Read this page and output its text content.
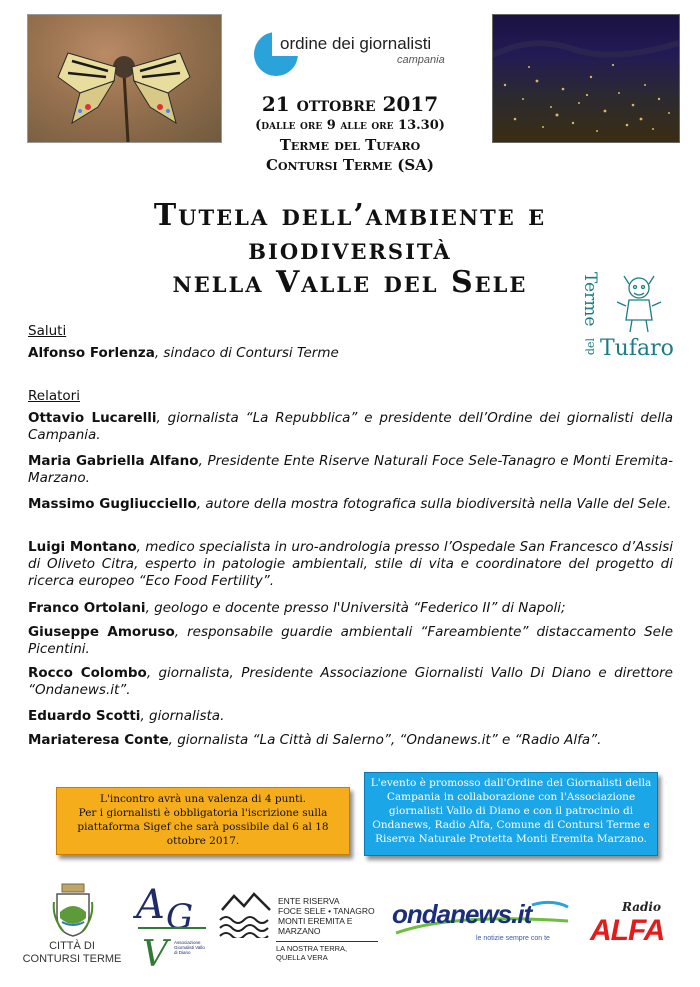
ordine dei giornalisti
campania
21 ottobre 2017
(dalle ore 9 alle ore 13.30)
Terme del Tufaro
Contursi Terme (SA)
Tutela dell’ambiente e
biodiversità
nella Valle del Sele	Terme
del Tufaro
Saluti
Alfonso Forlenza, sindaco di Contursi Terme
Relatori
Ottavio Lucarelli, giornalista “La Repubblica” e presidente dell’Ordine dei giornalisti della Campania.
Maria Gabriella Alfano, Presidente Ente Riserve Naturali Foce Sele-Tanagro e Monti Eremita-Marzano.
Massimo Gugliucciello, autore della mostra fotografica sulla biodiversità nella Valle del Sele.
Luigi Montano, medico specialista in uro-andrologia presso l’Ospedale San Francesco d’Assisi di Oliveto Citra, esperto in patologie ambientali, stile di vita e coordinatore del progetto di ricerca europeo “Eco Food Fertility”.
Franco Ortolani, geologo e docente presso l'Università “Federico II” di Napoli;
Giuseppe Amoruso, responsabile guardie ambientali “Fareambiente” distaccamento Sele Picentini.
Rocco Colombo, giornalista, Presidente Associazione Giornalisti Vallo Di Diano e direttore “Ondanews.it”.
Eduardo Scotti, giornalista.
Mariateresa Conte, giornalista “La Città di Salerno”, “Ondanews.it” e “Radio Alfa”.
L'incontro avrà una valenza di 4 punti.
Per i giornalisti è obbligatoria l'iscrizione sulla
piattaforma Sigef che sarà possibile dal 6 al 18
ottobre 2017.
L'evento è promosso dall'Ordine dei Giornalisti della
Campania in collaborazione con l'Associazione
giornalisti Vallo di Diano e con il patrocinio di
Ondanews, Radio Alfa, Comune di Contursi Terme e
Riserva Naturale Protetta Monti Eremita Marzano.
CITTÀ DI
CONTURSI TERME
A G
V	Associazione Giornalisti Vallo di Diano
ENTE RISERVA
FOCE SELE • TANAGRO
MONTI EREMITA E MARZANO
LA NOSTRA TERRA, QUELLA VERA
ondanews.it
le notizie sempre con te
Radio
ALFA
